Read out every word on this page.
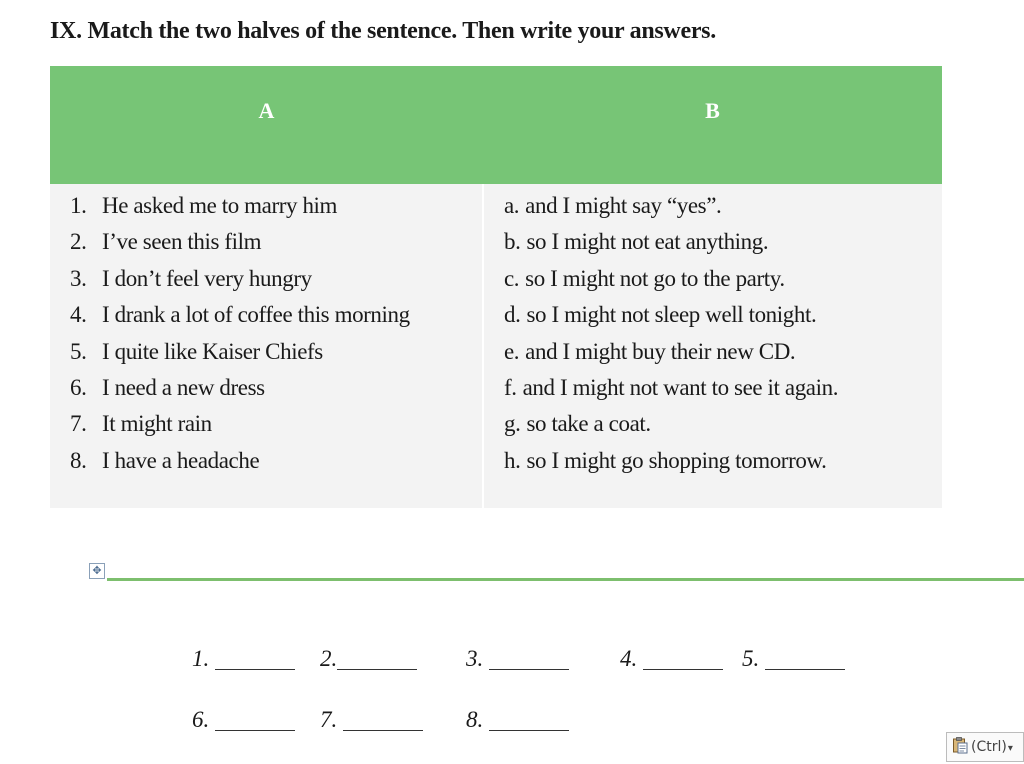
IX. Match the two halves of the sentence. Then write your answers.
A	B
1. He asked me to marry him
2. I’ve seen this film
3. I don’t feel very hungry
4. I drank a lot of coffee this morning
5. I quite like Kaiser Chiefs
6. I need a new dress
7. It might rain
8. I have a headache
a. and I might say “yes”.
b. so I might not eat anything.
c. so I might not go to the party.
d. so I might not sleep well tonight.
e. and I might buy their new CD.
f. and I might not want to see it again.
g. so take a coat.
h. so I might go shopping tomorrow.
✥
1.	2.	3.	4.	5.
6.	7.	8.
(Ctrl)▾
